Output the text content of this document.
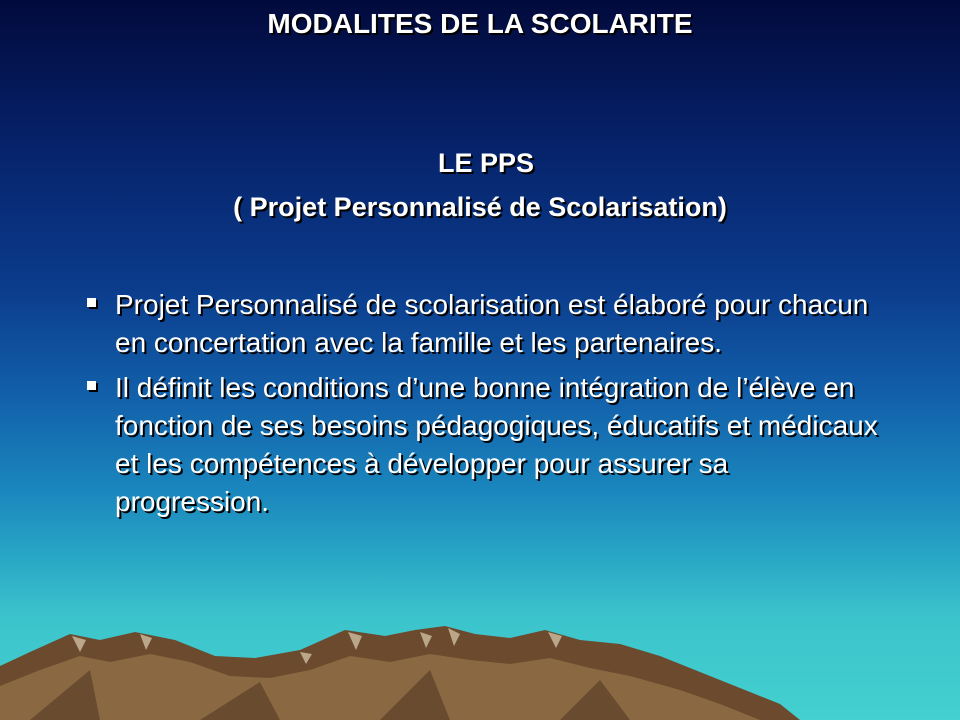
MODALITES DE LA SCOLARITE
LE PPS
( Projet Personnalisé de Scolarisation)
Projet Personnalisé de scolarisation est élaboré pour chacun en concertation avec la famille et les partenaires.
Il définit les conditions d’une bonne intégration de l’élève en fonction de ses besoins pédagogiques, éducatifs et médicaux et les compétences à développer pour assurer sa progression.
